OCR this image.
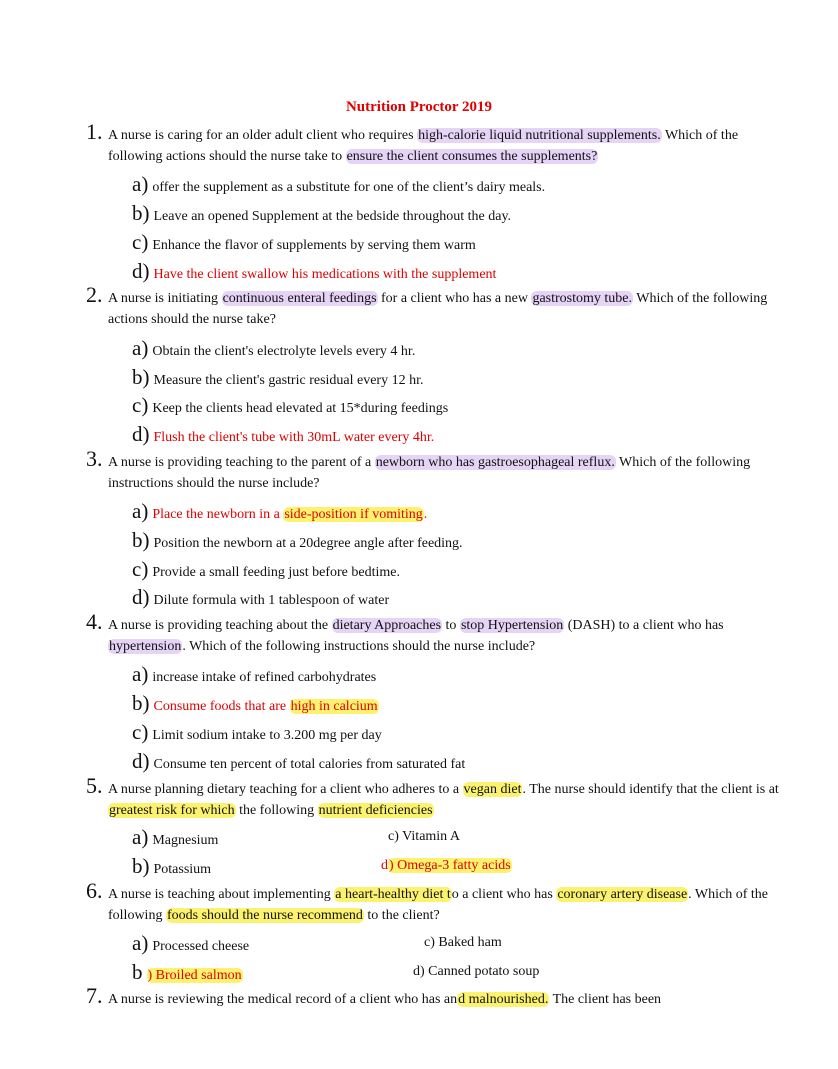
Nutrition Proctor 2019
1. A nurse is caring for an older adult client who requires high-calorie liquid nutritional supplements. Which of the following actions should the nurse take to ensure the client consumes the supplements?
a) offer the supplement as a substitute for one of the client’s dairy meals.
b) Leave an opened Supplement at the bedside throughout the day.
c) Enhance the flavor of supplements by serving them warm
d) Have the client swallow his medications with the supplement
2. A nurse is initiating continuous enteral feedings for a client who has a new gastrostomy tube. Which of the following actions should the nurse take?
a) Obtain the client's electrolyte levels every 4 hr.
b) Measure the client's gastric residual every 12 hr.
c) Keep the clients head elevated at 15*during feedings
d) Flush the client's tube with 30mL water every 4hr.
3. A nurse is providing teaching to the parent of a newborn who has gastroesophageal reflux. Which of the following instructions should the nurse include?
a) Place the newborn in a side-position if vomiting.
b) Position the newborn at a 20degree angle after feeding.
c) Provide a small feeding just before bedtime.
d) Dilute formula with 1 tablespoon of water
4. A nurse is providing teaching about the dietary Approaches to stop Hypertension (DASH) to a client who has hypertension. Which of the following instructions should the nurse include?
a) increase intake of refined carbohydrates
b) Consume foods that are high in calcium
c) Limit sodium intake to 3.200 mg per day
d) Consume ten percent of total calories from saturated fat
5. A nurse planning dietary teaching for a client who adheres to a vegan diet. The nurse should identify that the client is at greatest risk for which the following nutrient deficiencies
a) Magnesium	c) Vitamin A
b) Potassium	d) Omega-3 fatty acids
6. A nurse is teaching about implementing a heart-healthy diet to a client who has coronary artery disease. Which of the following foods should the nurse recommend to the client?
a) Processed cheese	c) Baked ham
b ) Broiled salmon	d) Canned potato soup
7. A nurse is reviewing the medical record of a client who has and malnourished. The client has been
